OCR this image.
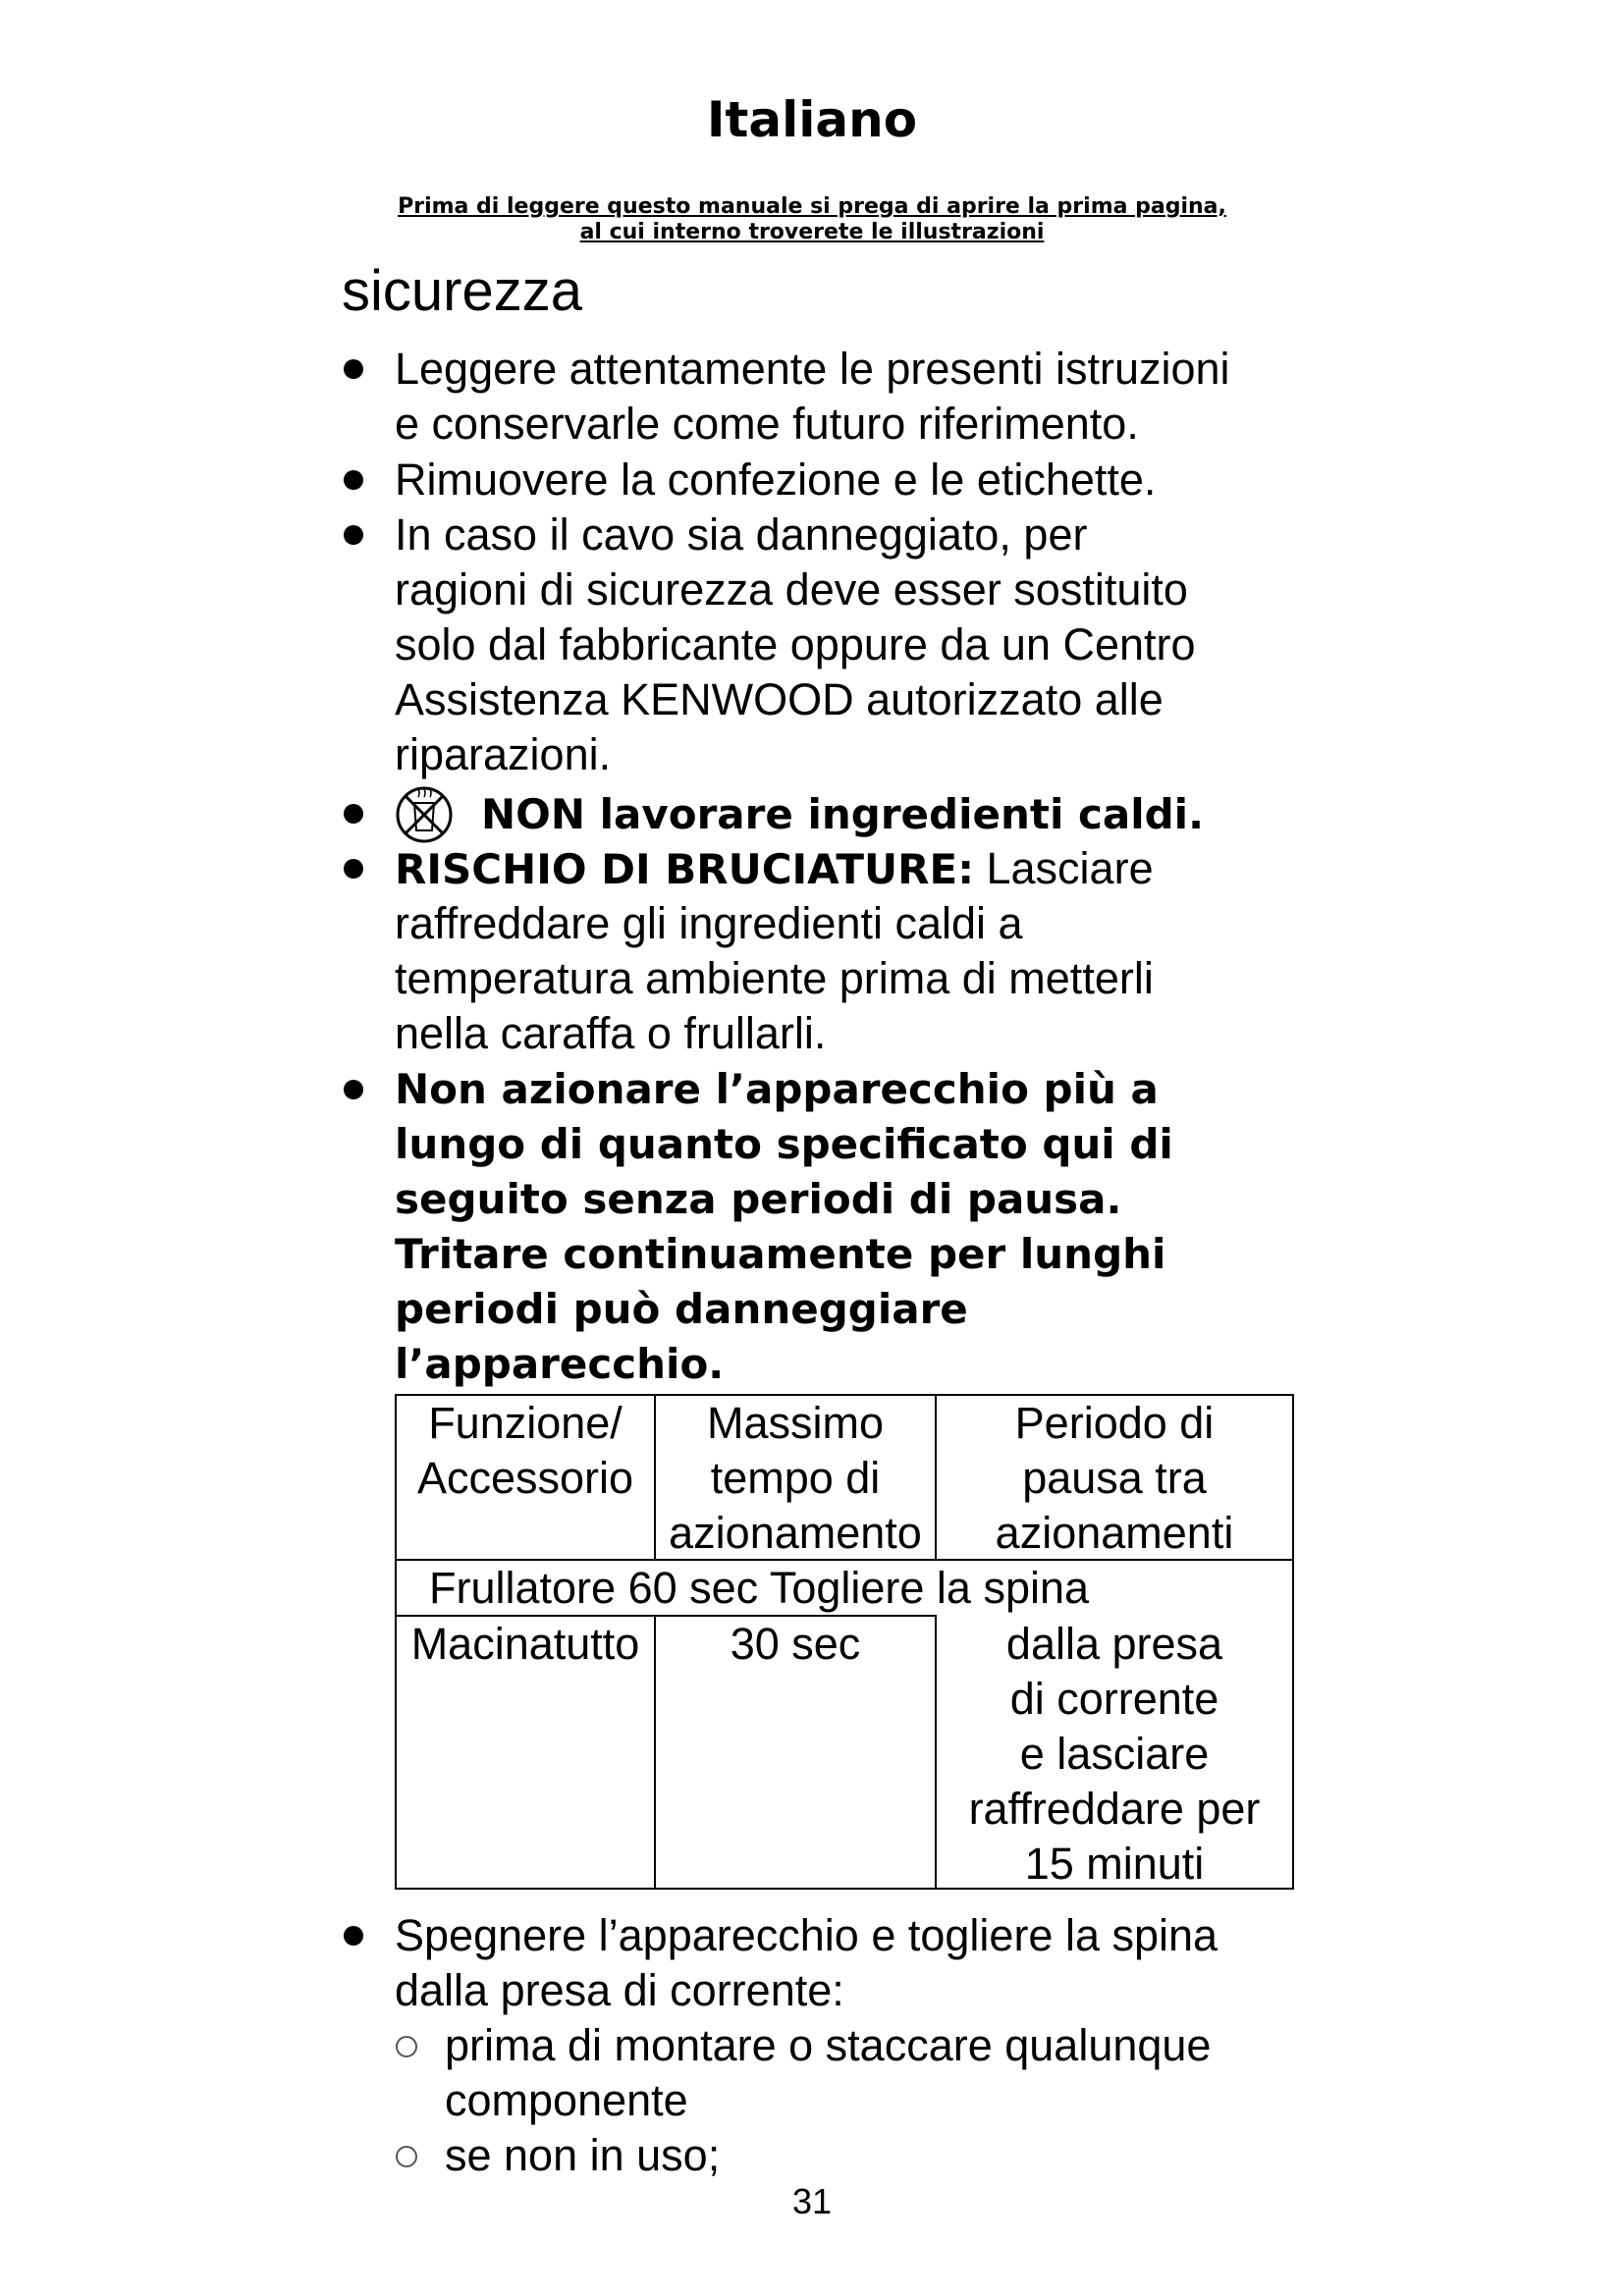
Italiano
Prima di leggere questo manuale si prega di aprire la prima pagina,
al cui interno troverete le illustrazioni
sicurezza
Leggere attentamente le presenti istruzioni
e conservarle come futuro riferimento.
Rimuovere la confezione e le etichette.
In caso il cavo sia danneggiato, per
ragioni di sicurezza deve esser sostituito
solo dal fabbricante oppure da un Centro
Assistenza KENWOOD autorizzato alle
riparazioni.
NON lavorare ingredienti caldi.
RISCHIO DI BRUCIATURE: Lasciare
raffreddare gli ingredienti caldi a
temperatura ambiente prima di metterli
nella caraffa o frullarli.
Non azionare l’apparecchio più a
lungo di quanto specificato qui di
seguito senza periodi di pausa.
Tritare continuamente per lunghi
periodi può danneggiare
l’apparecchio.
Funzione/
Accessorio
Massimo
tempo di
azionamento
Periodo di
pausa tra
azionamenti
Frullatore 60 sec Togliere la spina
Macinatutto	30 sec	dalla presa
di corrente
e lasciare
raffreddare per
15 minuti
Spegnere l’apparecchio e togliere la spina
dalla presa di corrente:
prima di montare o staccare qualunque
componente
se non in uso;
31
